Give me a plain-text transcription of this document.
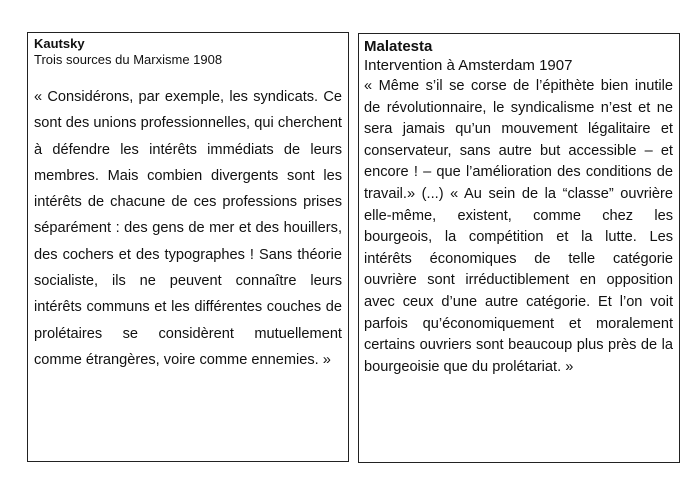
Kautsky
Trois sources du Marxisme 1908
« Considérons, par exemple, les syndicats. Ce sont des unions professionnelles, qui cherchent à défendre les intérêts immédiats de leurs membres. Mais combien divergents sont les intérêts de chacune de ces professions prises séparément : des gens de mer et des houillers, des cochers et des typographes ! Sans théorie socialiste, ils ne peuvent connaître leurs intérêts communs et les différentes couches de prolétaires se considèrent mutuellement comme étrangères, voire comme ennemies. »
Malatesta
Intervention à Amsterdam 1907
« Même s’il se corse de l’épithète bien inutile de révolutionnaire, le syndicalisme n’est et ne sera jamais qu’un mouvement légalitaire et conservateur, sans autre but accessible – et encore ! – que l’amélioration des conditions de travail.» (...) « Au sein de la “classe” ouvrière elle-même, existent, comme chez les bourgeois, la compétition et la lutte. Les intérêts économiques de telle catégorie ouvrière sont irréductiblement en opposition avec ceux d’une autre catégorie. Et l’on voit parfois qu’économiquement et moralement certains ouvriers sont beaucoup plus près de la bourgeoisie que du prolétariat. »
